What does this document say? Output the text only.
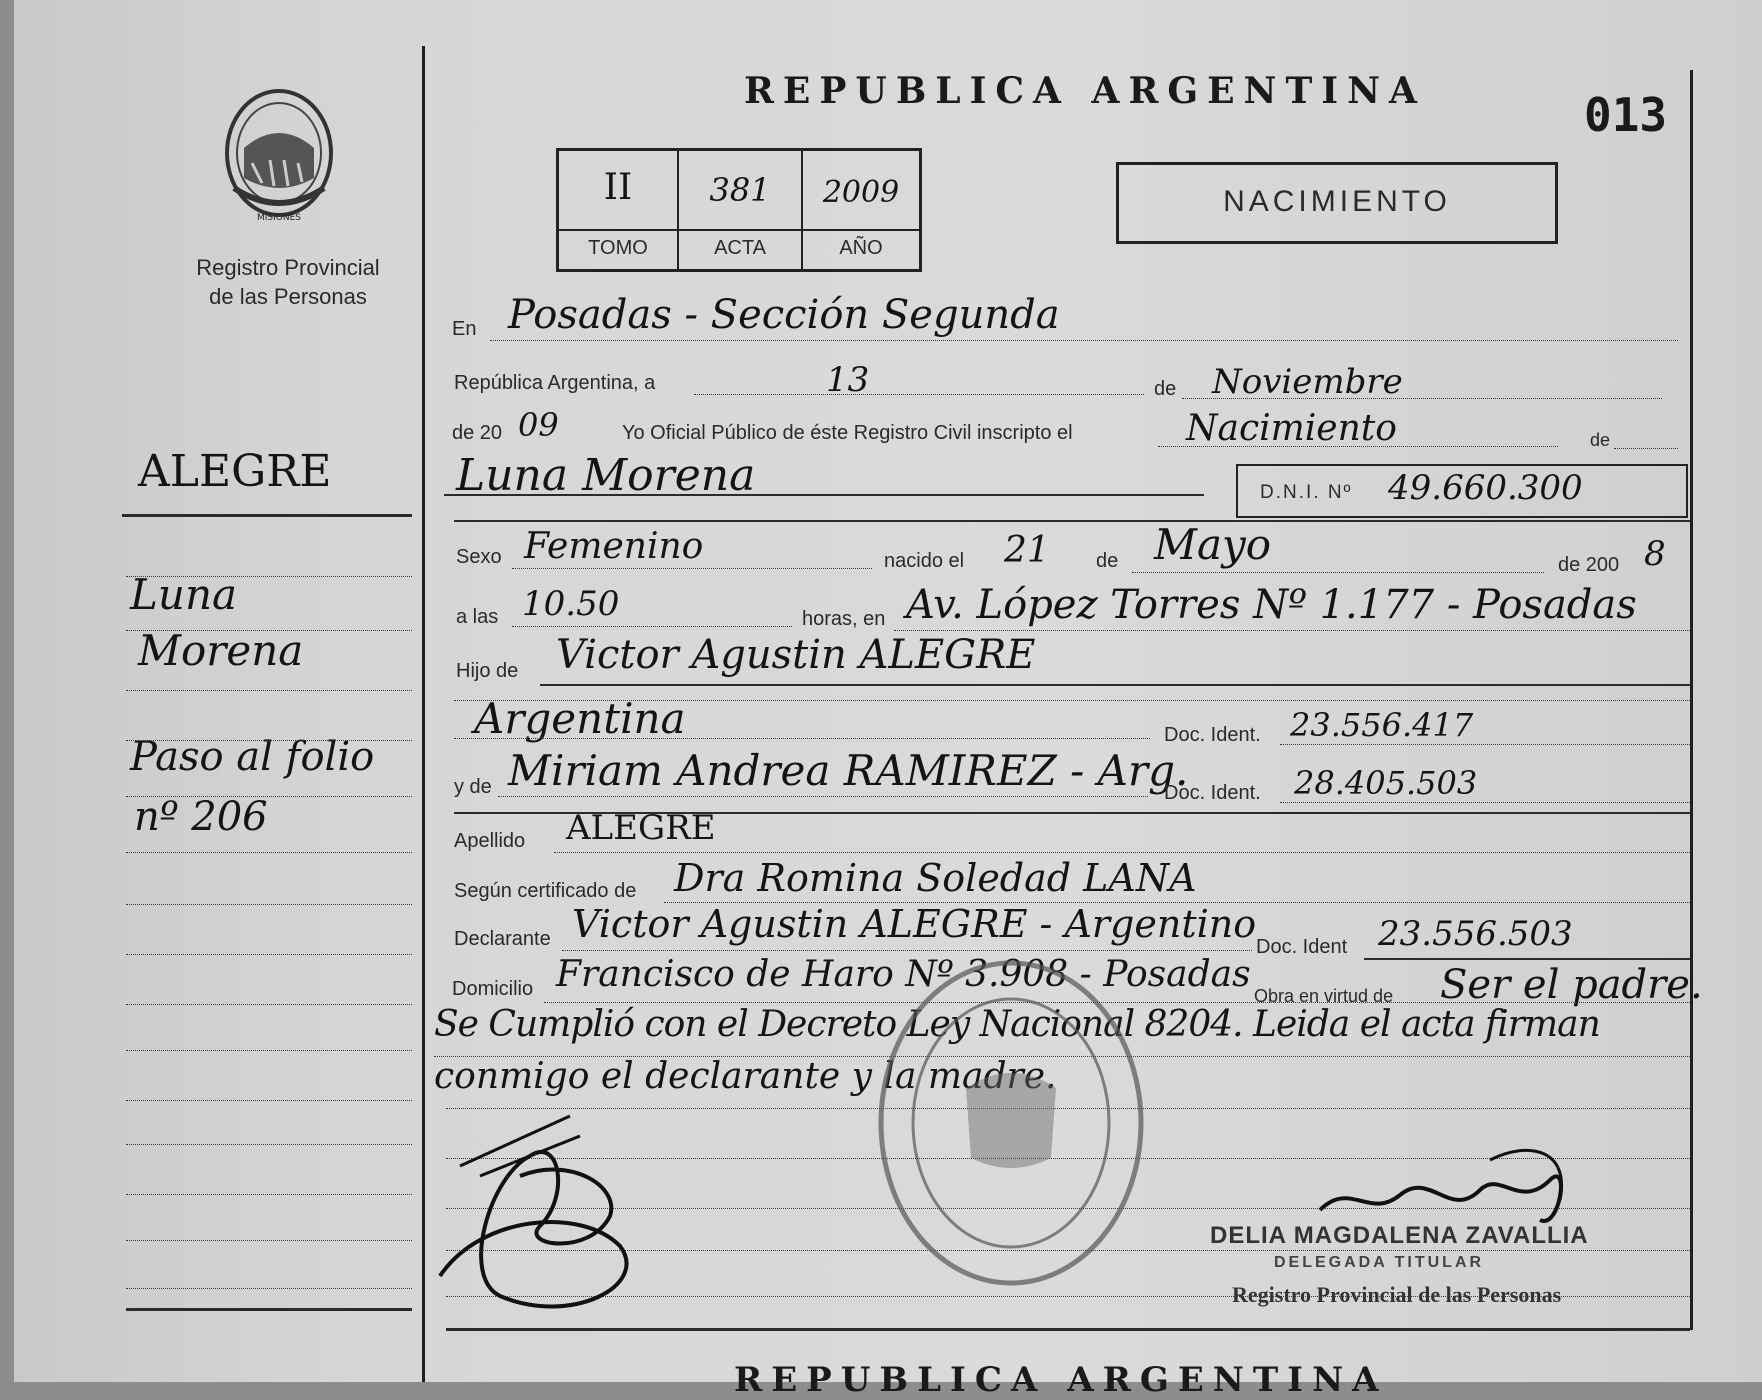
MISIONES
Registro Provincial
de las Personas
REPUBLICA ARGENTINA	013
II	381	2009
TOMO	ACTA	AÑO
NACIMIENTO
ALEGRE
Luna
Morena
Paso al folio
nº 206
En Posadas - Sección Segunda
República Argentina, a	13	de Noviembre
de 20 09	Yo Oficial Público de éste Registro Civil inscripto el	Nacimiento	de
Luna Morena	D.N.I. Nº 49.660.300
Sexo Femenino	nacido el 21 de Mayo	de 200 8
a las 10.50	horas, en Av. López Torres Nº 1.177 - Posadas
Hijo de Victor Agustin ALEGRE
Argentina	Doc. Ident. 23.556.417
y de Miriam Andrea RAMIREZ - Arg.
Doc. Ident. 28.405.503
Apellido ALEGRE
Según certificado de Dra Romina Soledad LANA
Declarante Victor Agustin ALEGRE - Argentino
Doc. Ident 23.556.503
Domicilio Francisco de Haro Nº 3.908 - Posadas
Obra en virtud de Ser el padre.
Se Cumplió con el Decreto Ley Nacional 8204. Leida el acta firman
conmigo el declarante y la madre.
DELIA MAGDALENA ZAVALLIA
DELEGADA TITULAR
Registro Provincial de las Personas
REPUBLICA ARGENTINA
